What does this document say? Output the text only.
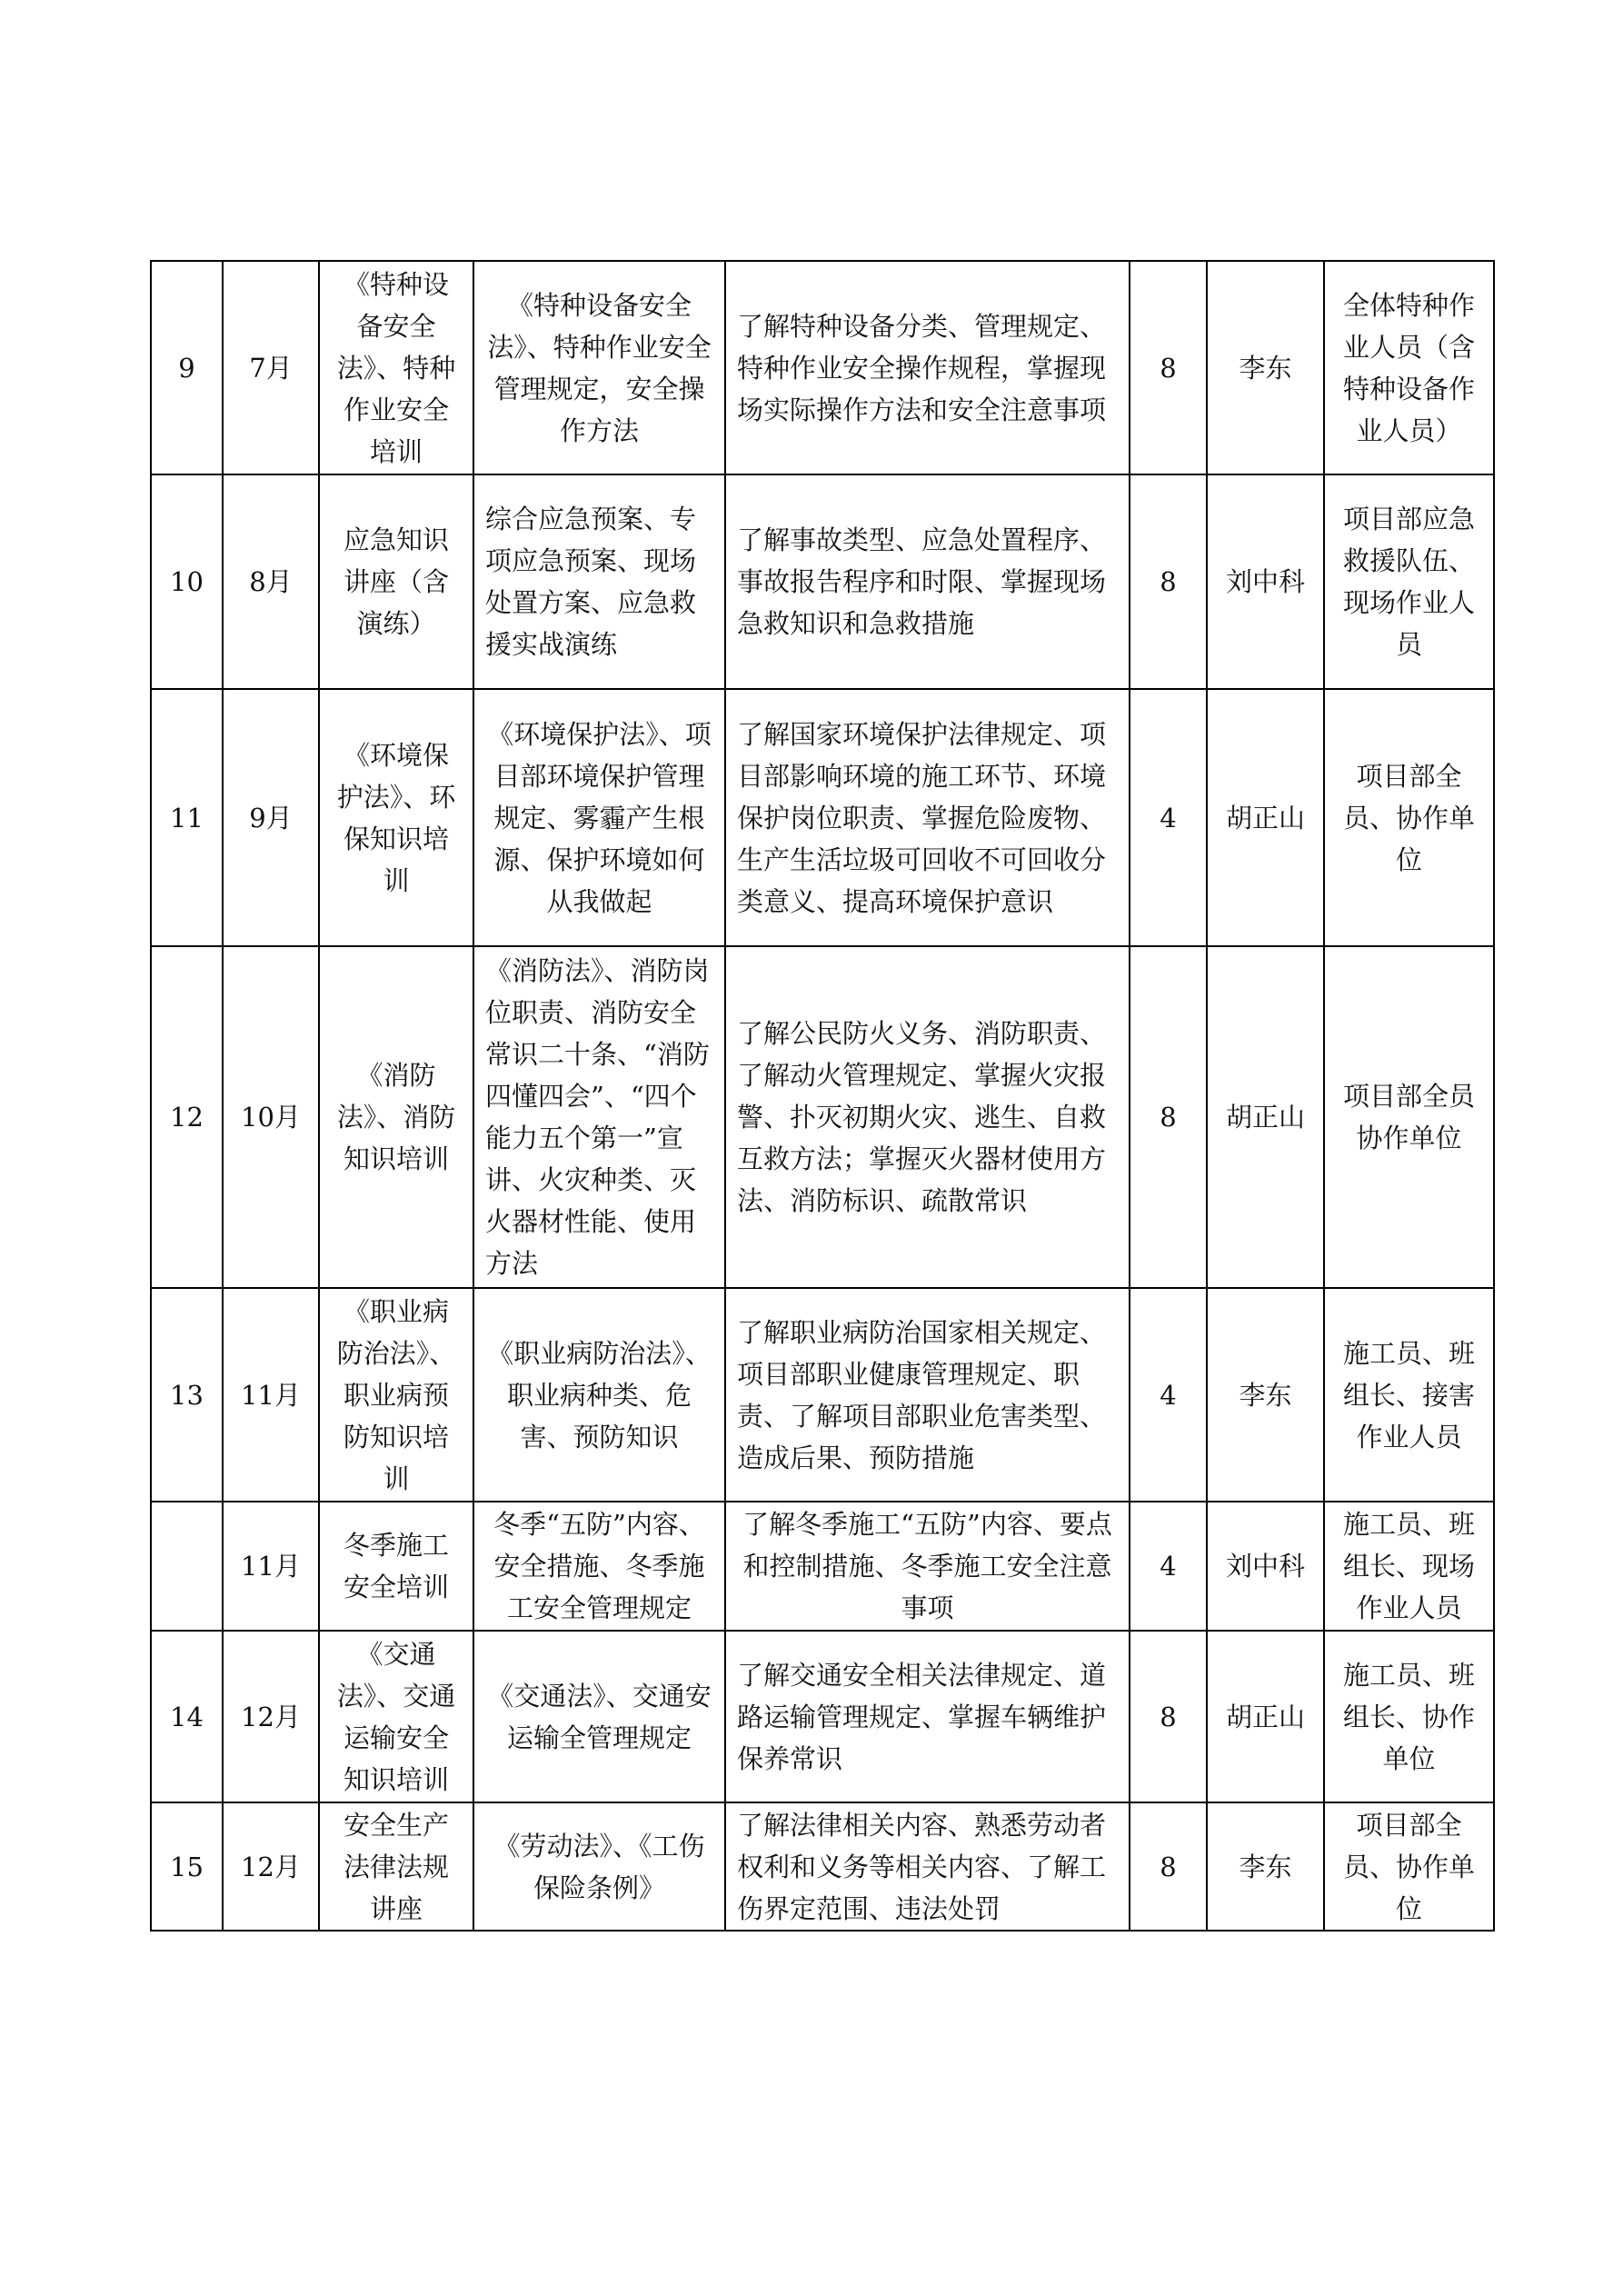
9	7月	《特种设备安全法》、特种作业安全培训	《特种设备安全法》、特种作业安全管理规定，安全操作方法	了解特种设备分类、管理规定、特种作业安全操作规程，掌握现场实际操作方法和安全注意事项	8	李东	全体特种作业人员（含特种设备作业人员）
10	8月	应急知识讲座（含演练）	综合应急预案、专项应急预案、现场处置方案、应急救援实战演练	了解事故类型、应急处置程序、事故报告程序和时限、掌握现场急救知识和急救措施	8	刘中科	项目部应急救援队伍、现场作业人员
11	9月	《环境保护法》、环保知识培训	《环境保护法》、项目部环境保护管理规定、雾霾产生根源、保护环境如何从我做起	了解国家环境保护法律规定、项目部影响环境的施工环节、环境保护岗位职责、掌握危险废物、生产生活垃圾可回收不可回收分类意义、提高环境保护意识	4	胡正山	项目部全员、协作单位
12	10月	《消防法》、消防知识培训	《消防法》、消防岗位职责、消防安全常识二十条、“消防四懂四会”、“四个能力五个第一”宣讲、火灾种类、灭火器材性能、使用方法	了解公民防火义务、消防职责、了解动火管理规定、掌握火灾报警、扑灭初期火灾、逃生、自救互救方法；掌握灭火器材使用方法、消防标识、疏散常识	8	胡正山	项目部全员协作单位
13	11月	《职业病防治法》、职业病预防知识培训	《职业病防治法》、职业病种类、危害、预防知识	了解职业病防治国家相关规定、项目部职业健康管理规定、职责、了解项目部职业危害类型、造成后果、预防措施	4	李东	施工员、班组长、接害作业人员
	11月	冬季施工安全培训	冬季“五防”内容、安全措施、冬季施工安全管理规定	了解冬季施工“五防”内容、要点和控制措施、冬季施工安全注意事项	4	刘中科	施工员、班组长、现场作业人员
14	12月	《交通法》、交通运输安全知识培训	《交通法》、交通安运输全管理规定	了解交通安全相关法律规定、道路运输管理规定、掌握车辆维护保养常识	8	胡正山	施工员、班组长、协作单位
15	12月	安全生产法律法规讲座	《劳动法》、《工伤保险条例》	了解法律相关内容、熟悉劳动者权利和义务等相关内容、了解工伤界定范围、违法处罚	8	李东	项目部全员、协作单位
